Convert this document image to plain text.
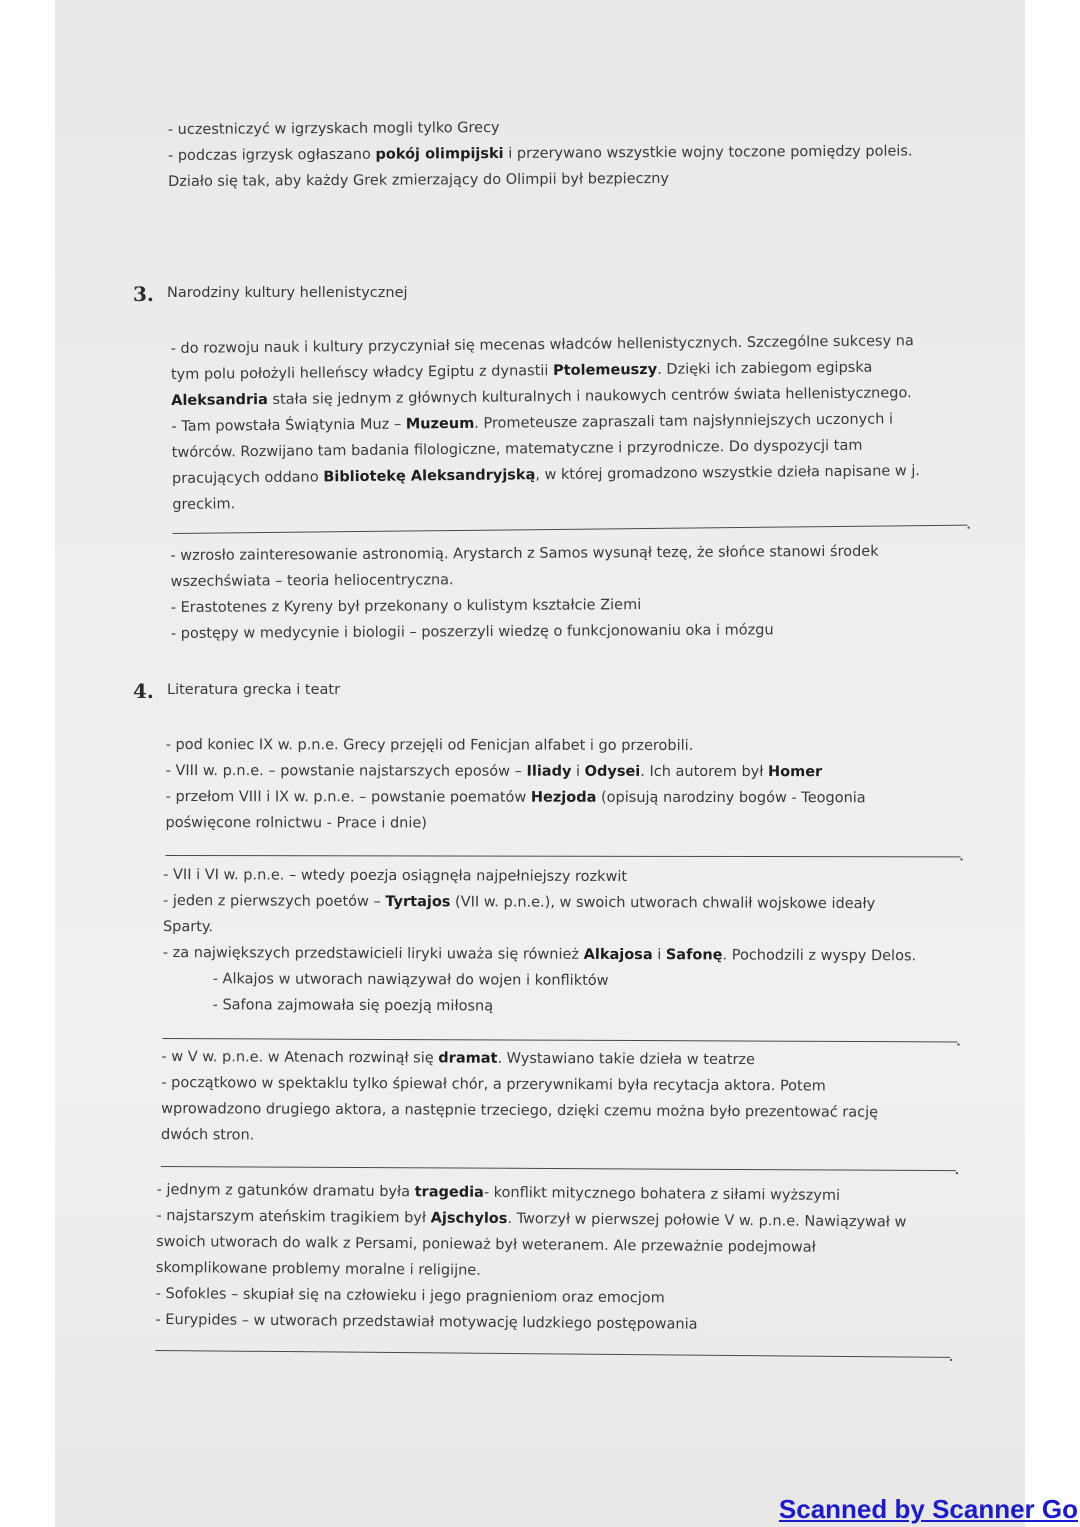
- uczestniczyć w igrzyskach mogli tylko Grecy
- podczas igrzysk ogłaszano pokój olimpijski i przerywano wszystkie wojny toczone pomiędzy poleis.
Działo się tak, aby każdy Grek zmierzający do Olimpii był bezpieczny
3. Narodziny kultury hellenistycznej
- do rozwoju nauk i kultury przyczyniał się mecenas władców hellenistycznych. Szczególne sukcesy na
tym polu położyli helleńscy władcy Egiptu z dynastii Ptolemeuszy. Dzięki ich zabiegom egipska
Aleksandria stała się jednym z głównych kulturalnych i naukowych centrów świata hellenistycznego.
- Tam powstała Świątynia Muz – Muzeum. Prometeusze zapraszali tam najsłynniejszych uczonych i
twórców. Rozwijano tam badania filologiczne, matematyczne i przyrodnicze. Do dyspozycji tam
pracujących oddano Bibliotekę Aleksandryjską, w której gromadzono wszystkie dzieła napisane w j.
greckim.
- wzrosło zainteresowanie astronomią. Arystarch z Samos wysunął tezę, że słońce stanowi środek
wszechświata – teoria heliocentryczna.
- Erastotenes z Kyreny był przekonany o kulistym kształcie Ziemi
- postępy w medycynie i biologii – poszerzyli wiedzę o funkcjonowaniu oka i mózgu
4. Literatura grecka i teatr
- pod koniec IX w. p.n.e. Grecy przejęli od Fenicjan alfabet i go przerobili.
- VIII w. p.n.e. – powstanie najstarszych eposów – Iliady i Odysei. Ich autorem był Homer
- przełom VIII i IX w. p.n.e. – powstanie poematów Hezjoda (opisują narodziny bogów - Teogonia
poświęcone rolnictwu - Prace i dnie)
- VII i VI w. p.n.e. – wtedy poezja osiągnęła najpełniejszy rozkwit
- jeden z pierwszych poetów – Tyrtajos (VII w. p.n.e.), w swoich utworach chwalił wojskowe ideały
Sparty.
- za największych przedstawicieli liryki uważa się również Alkajosa i Safonę. Pochodzili z wyspy Delos.
- Alkajos w utworach nawiązywał do wojen i konfliktów
- Safona zajmowała się poezją miłosną
- w V w. p.n.e. w Atenach rozwinął się dramat. Wystawiano takie dzieła w teatrze
- początkowo w spektaklu tylko śpiewał chór, a przerywnikami była recytacja aktora. Potem
wprowadzono drugiego aktora, a następnie trzeciego, dzięki czemu można było prezentować rację
dwóch stron.
- jednym z gatunków dramatu była tragedia- konflikt mitycznego bohatera z siłami wyższymi
- najstarszym ateńskim tragikiem był Ajschylos. Tworzył w pierwszej połowie V w. p.n.e. Nawiązywał w
swoich utworach do walk z Persami, ponieważ był weteranem. Ale przeważnie podejmował
skomplikowane problemy moralne i religijne.
- Sofokles – skupiał się na człowieku i jego pragnieniom oraz emocjom
- Eurypides – w utworach przedstawiał motywację ludzkiego postępowania
Scanned by Scanner Go
